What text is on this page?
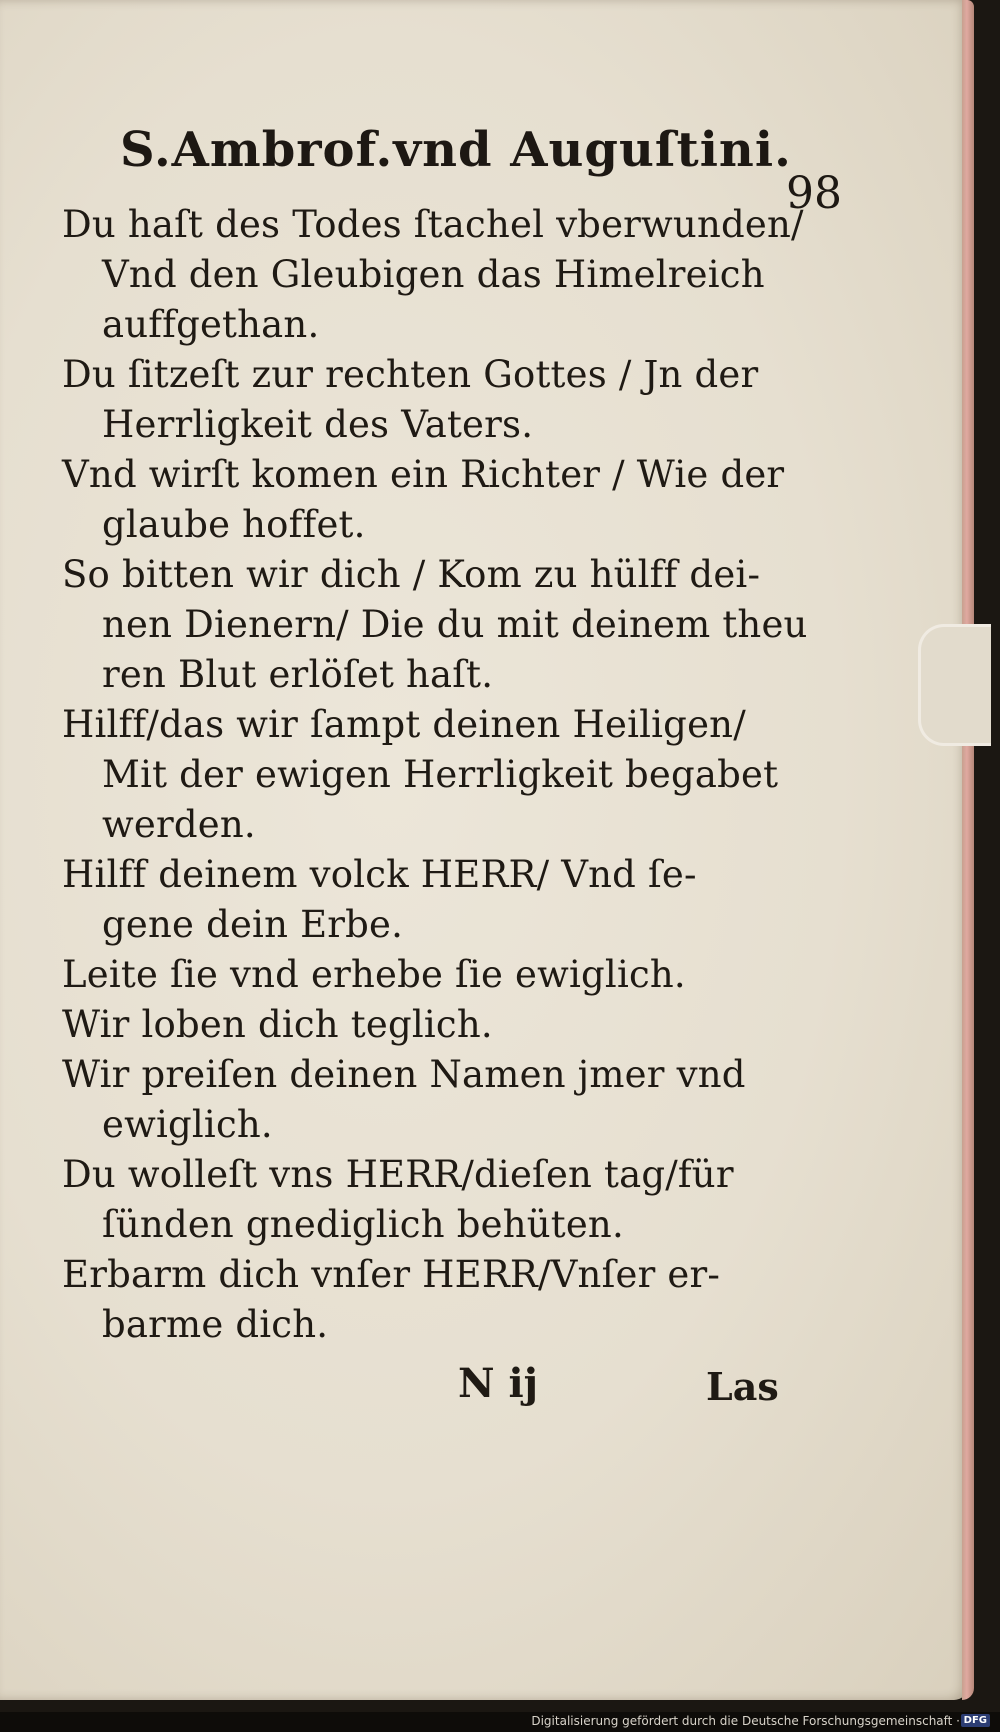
S.Ambrof.vnd Auguſtini.
98
Du haſt des Todes ſtachel vberwunden/
Vnd den Gleubigen das Himelreich
auffgethan.
Du ſitzeſt zur rechten Gottes / Jn der
Herrligkeit des Vaters.
Vnd wirſt komen ein Richter / Wie der
glaube hoffet.
So bitten wir dich / Kom zu hülff dei-
nen Dienern/ Die du mit deinem theu
ren Blut erlöſet haſt.
Hilff/das wir ſampt deinen Heiligen/
Mit der ewigen Herrligkeit begabet
werden.
Hilff deinem volck HERR/ Vnd ſe-
gene dein Erbe.
Leite ſie vnd erhebe ſie ewiglich.
Wir loben dich teglich.
Wir preiſen deinen Namen jmer vnd
ewiglich.
Du wolleſt vns HERR/dieſen tag/für
ſünden gnediglich behüten.
Erbarm dich vnſer HERR/Vnſer er-
barme dich.
N ij	Las
Digitalisierung gefördert durch die Deutsche Forschungsgemeinschaft · DFG
